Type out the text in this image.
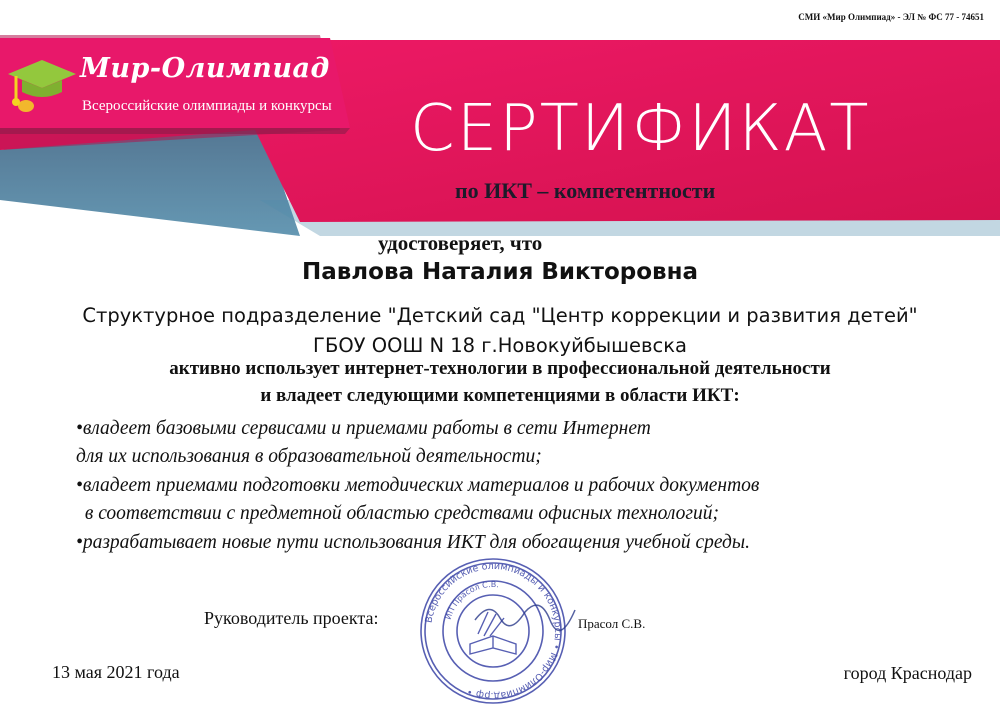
СМИ «Мир Олимпиад» - ЭЛ № ФС 77 - 74651
Мир-Олимпиад
Всероссийские олимпиады и конкурсы СЕРТИФИКАТ
по ИКТ – компетентности
удостоверяет, что
Павлова Наталия Викторовна
Структурное подразделение "Детский сад "Центр коррекции и развития детей"
ГБОУ ООШ N 18 г.Новокуйбышевска
активно использует интернет-технологии в профессиональной деятельности
и владеет следующими компетенциями в области ИКТ:
•владеет базовыми сервисами и приемами работы в сети Интернет
для их использования в образовательной деятельности;
•владеет приемами подготовки методических материалов и рабочих документов
в соответствии с предметной областью средствами офисных технологий;
•разрабатывает новые пути использования ИКТ для обогащения учебной среды.
Руководитель проекта:	Всероссийские олимпиады и конкурсы • Мир-Олимпиад.рф •
ИП Прасол С.В.
Прасол С.В.
13 мая 2021 года	город Краснодар
